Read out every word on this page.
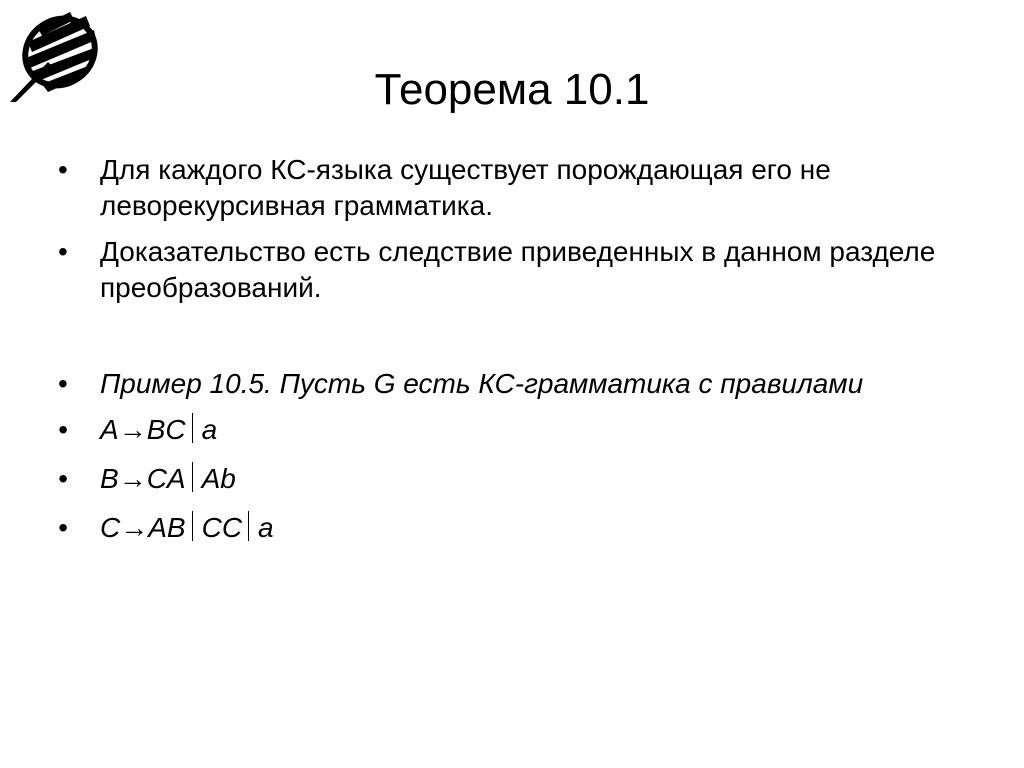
Теорема 10.1
•	Для каждого КС-языка существует порождающая его не леворекурсивная грамматика.
•	Доказательство есть следствие приведенных в данном разделе преобразований.
•	Пример 10.5. Пусть G есть КС-грамматика с правилами
•	A→BC a
•	B→CA Ab
•	C→AB CC a
